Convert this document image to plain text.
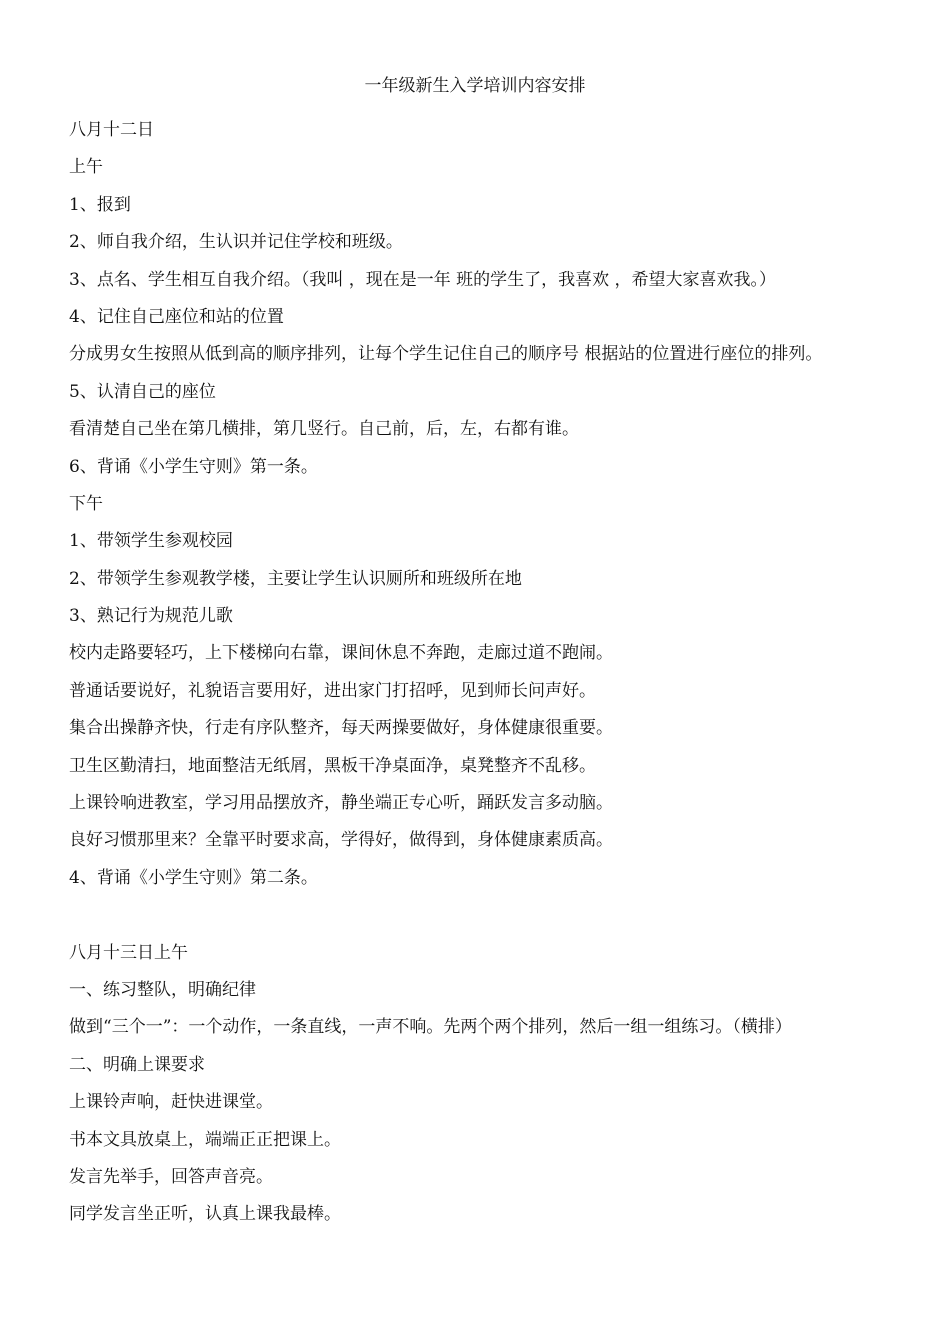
一年级新生入学培训内容安排
八月十二日
上午
1、报到
2、师自我介绍，生认识并记住学校和班级。
3、点名、学生相互自我介绍。（我叫 ，现在是一年 班的学生了，我喜欢 ，希望大家喜欢我。）
4、记住自己座位和站的位置
分成男女生按照从低到高的顺序排列，让每个学生记住自己的顺序号 根据站的位置进行座位的排列。
5、认清自己的座位
看清楚自己坐在第几横排，第几竖行。自己前，后，左，右都有谁。
6、背诵《小学生守则》第一条。
下午
1、带领学生参观校园
2、带领学生参观教学楼，主要让学生认识厕所和班级所在地
3、熟记行为规范儿歌
校内走路要轻巧，上下楼梯向右靠，课间休息不奔跑，走廊过道不跑闹。
普通话要说好，礼貌语言要用好，进出家门打招呼，见到师长问声好。
集合出操静齐快，行走有序队整齐，每天两操要做好，身体健康很重要。
卫生区勤清扫，地面整洁无纸屑，黑板干净桌面净，桌凳整齐不乱移。
上课铃响进教室，学习用品摆放齐，静坐端正专心听，踊跃发言多动脑。
良好习惯那里来？全靠平时要求高，学得好，做得到，身体健康素质高。
4、背诵《小学生守则》第二条。
八月十三日上午
一、练习整队，明确纪律
做到“三个一”：一个动作，一条直线，一声不响。先两个两个排列，然后一组一组练习。（横排）
二、明确上课要求
上课铃声响，赶快进课堂。
书本文具放桌上，端端正正把课上。
发言先举手，回答声音亮。
同学发言坐正听，认真上课我最棒。
